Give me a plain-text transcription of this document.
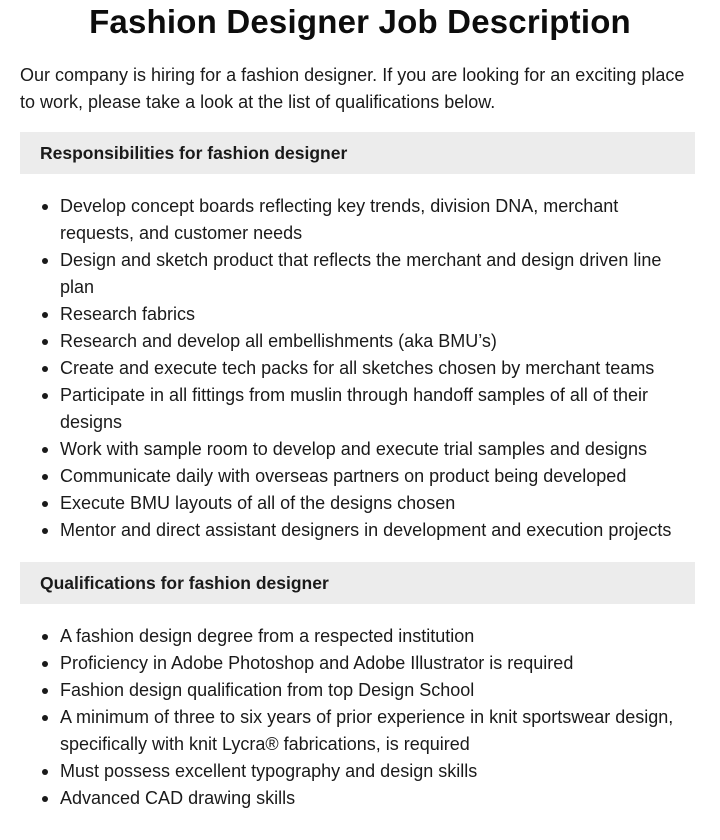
Fashion Designer Job Description

Our company is hiring for a fashion designer. If you are looking for an exciting place to work, please take a look at the list of qualifications below.

Responsibilities for fashion designer
Develop concept boards reflecting key trends, division DNA, merchant requests, and customer needs
Design and sketch product that reflects the merchant and design driven line plan
Research fabrics
Research and develop all embellishments (aka BMU’s)
Create and execute tech packs for all sketches chosen by merchant teams
Participate in all fittings from muslin through handoff samples of all of their designs
Work with sample room to develop and execute trial samples and designs
Communicate daily with overseas partners on product being developed
Execute BMU layouts of all of the designs chosen
Mentor and direct assistant designers in development and execution projects
Qualifications for fashion designer
A fashion design degree from a respected institution
Proficiency in Adobe Photoshop and Adobe Illustrator is required
Fashion design qualification from top Design School
A minimum of three to six years of prior experience in knit sportswear design, specifically with knit Lycra® fabrications, is required
Must possess excellent typography and design skills
Advanced CAD drawing skills
